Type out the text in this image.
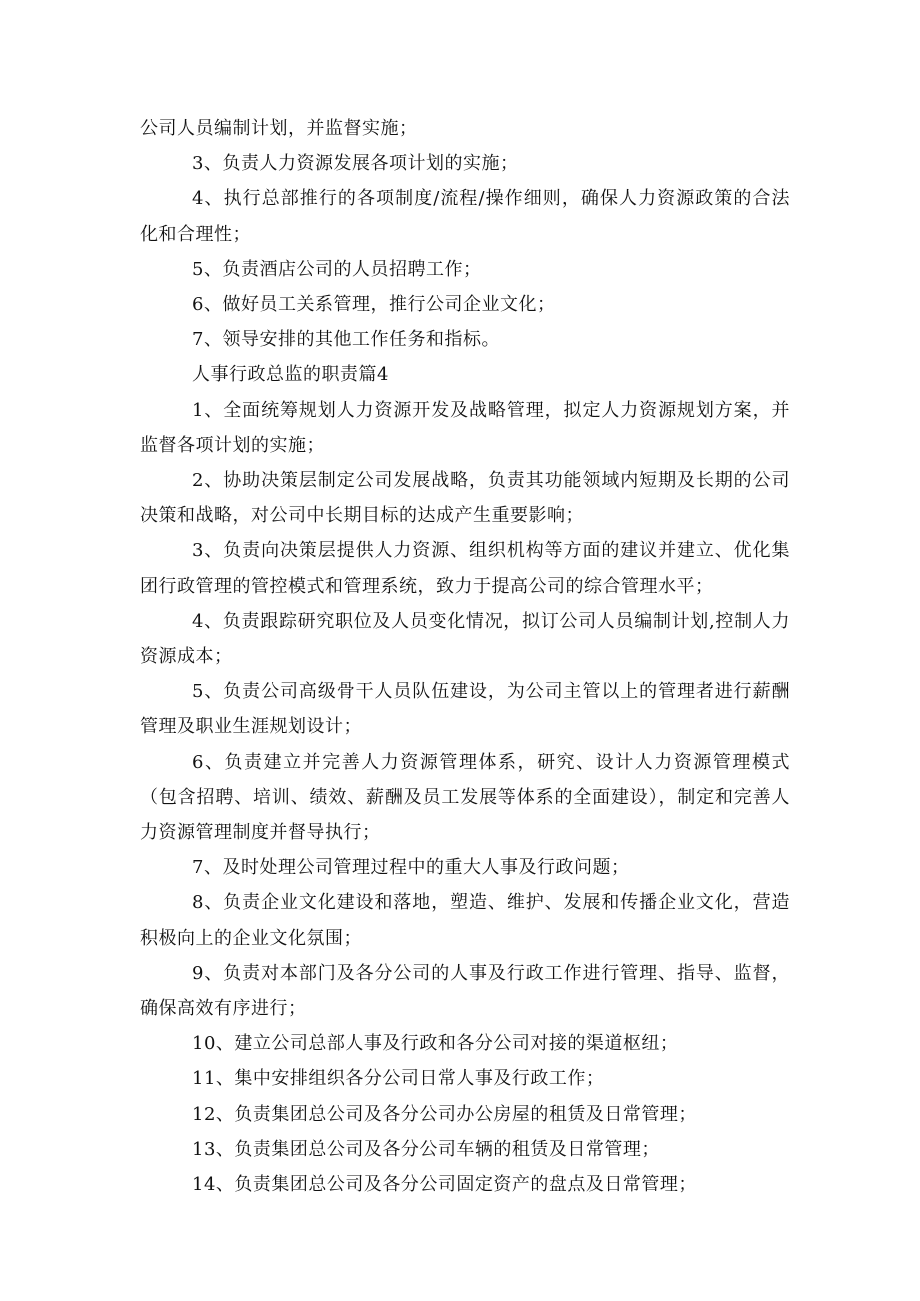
公司人员编制计划，并监督实施；

3、负责人力资源发展各项计划的实施；

4、执行总部推行的各项制度/流程/操作细则，确保人力资源政策的合法化和合理性；

5、负责酒店公司的人员招聘工作；

6、做好员工关系管理，推行公司企业文化；

7、领导安排的其他工作任务和指标。

人事行政总监的职责篇4

1、全面统筹规划人力资源开发及战略管理，拟定人力资源规划方案，并监督各项计划的实施；

2、协助决策层制定公司发展战略，负责其功能领域内短期及长期的公司决策和战略，对公司中长期目标的达成产生重要影响；

3、负责向决策层提供人力资源、组织机构等方面的建议并建立、优化集团行政管理的管控模式和管理系统，致力于提高公司的综合管理水平；

4、负责跟踪研究职位及人员变化情况，拟订公司人员编制计划,控制人力资源成本；

5、负责公司高级骨干人员队伍建设，为公司主管以上的管理者进行薪酬管理及职业生涯规划设计；

6、负责建立并完善人力资源管理体系，研究、设计人力资源管理模式（包含招聘、培训、绩效、薪酬及员工发展等体系的全面建设），制定和完善人力资源管理制度并督导执行；

7、及时处理公司管理过程中的重大人事及行政问题；

8、负责企业文化建设和落地，塑造、维护、发展和传播企业文化，营造积极向上的企业文化氛围；

9、负责对本部门及各分公司的人事及行政工作进行管理、指导、监督，确保高效有序进行；

10、建立公司总部人事及行政和各分公司对接的渠道枢纽；

11、集中安排组织各分公司日常人事及行政工作；

12、负责集团总公司及各分公司办公房屋的租赁及日常管理；

13、负责集团总公司及各分公司车辆的租赁及日常管理；

14、负责集团总公司及各分公司固定资产的盘点及日常管理；
